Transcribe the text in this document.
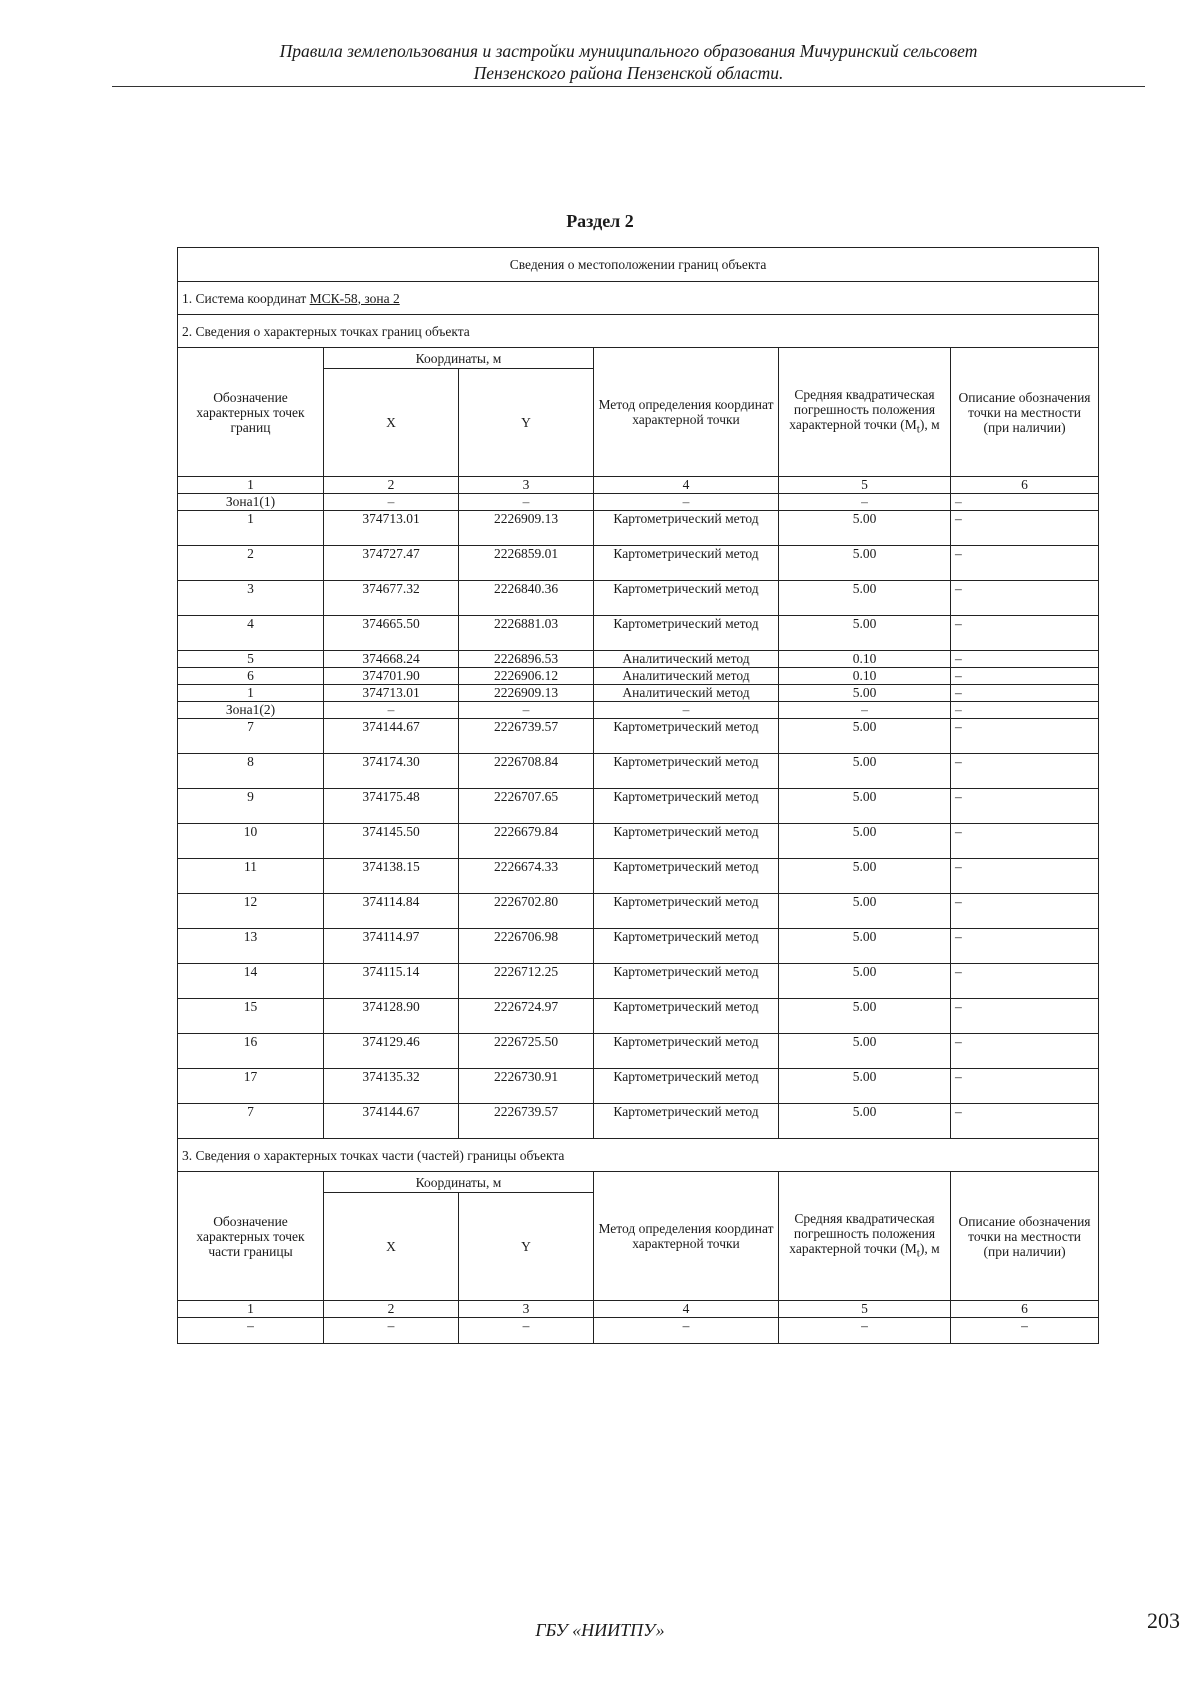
Правила землепользования и застройки муниципального образования Мичуринский сельсовет
Пензенского района Пензенской области.
Раздел 2
Сведения о местоположении границ объекта					
1. Система координат МСК-58, зона 2					
2. Сведения о характерных точках границ объекта					
Обозначение характерных точек границ	Координаты, м		Метод определения координат характерной точки	Средняя квадратическая погрешность положения характерной точки $(M_t)$, м	Описание обозначения точки на местности (при наличии)
	X	Y			
1	2	3	4	5	6
Зона1(1)	–	–	–	–	–
1	374713.01	2226909.13	Картометрический метод	5.00	–
2	374727.47	2226859.01	Картометрический метод	5.00	–
3	374677.32	2226840.36	Картометрический метод	5.00	–
4	374665.50	2226881.03	Картометрический метод	5.00	–
5	374668.24	2226896.53	Аналитический метод	0.10	–
6	374701.90	2226906.12	Аналитический метод	0.10	–
1	374713.01	2226909.13	Аналитический метод	5.00	–
Зона1(2)	–	–	–	–	–
7	374144.67	2226739.57	Картометрический метод	5.00	–
8	374174.30	2226708.84	Картометрический метод	5.00	–
9	374175.48	2226707.65	Картометрический метод	5.00	–
10	374145.50	2226679.84	Картометрический метод	5.00	–
11	374138.15	2226674.33	Картометрический метод	5.00	–
12	374114.84	2226702.80	Картометрический метод	5.00	–
13	374114.97	2226706.98	Картометрический метод	5.00	–
14	374115.14	2226712.25	Картометрический метод	5.00	–
15	374128.90	2226724.97	Картометрический метод	5.00	–
16	374129.46	2226725.50	Картометрический метод	5.00	–
17	374135.32	2226730.91	Картометрический метод	5.00	–
7	374144.67	2226739.57	Картометрический метод	5.00	–
3. Сведения о характерных точках части (частей) границы объекта					
Обозначение характерных точек части границы	Координаты, м		Метод определения координат характерной точки	Средняя квадратическая погрешность положения характерной точки $(M_t)$, м	Описание обозначения точки на местности (при наличии)
	X	Y			
1	2	3	4	5	6
–	–	–	–	–	–
ГБУ «НИИТПУ»	203
